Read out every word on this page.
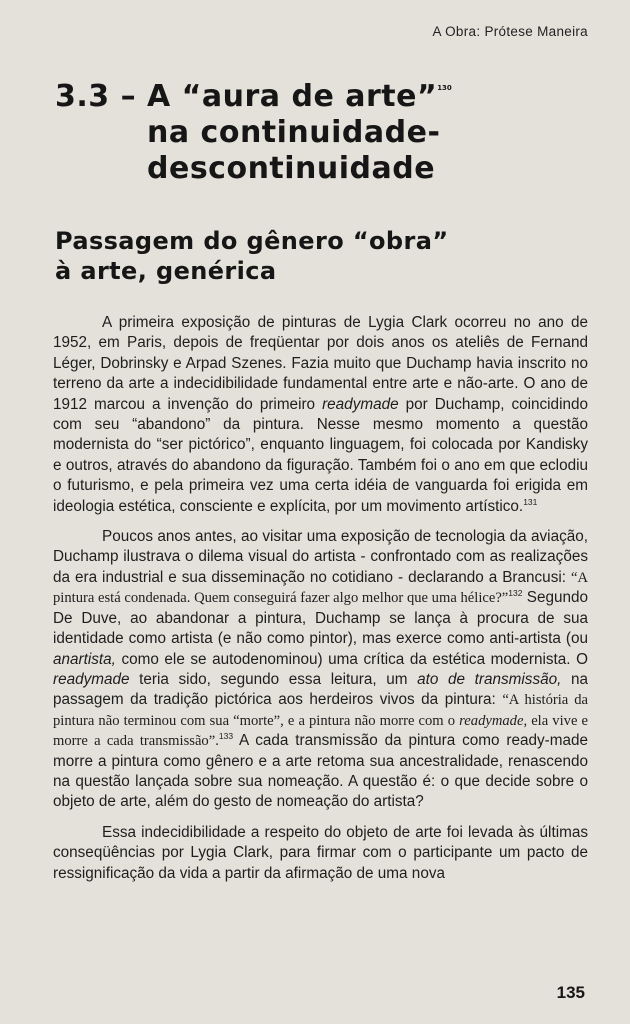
A Obra: Prótese Maneira
3.3 – A “aura de arte”$^{130}$
na continuidade-
descontinuidade
Passagem do gênero “obra”
à arte, genérica

A primeira exposição de pinturas de Lygia Clark ocorreu no ano de 1952, em Paris, depois de freqüentar por dois anos os ateliês de Fernand Léger, Dobrinsky e Arpad Szenes. Fazia muito que Duchamp havia inscrito no terreno da arte a indecidibilidade fundamental entre arte e não-arte. O ano de 1912 marcou a invenção do primeiro readymade por Duchamp, coincidindo com seu “abandono” da pintura. Nesse mesmo momento a questão modernista do “ser pictórico”, enquanto linguagem, foi colocada por Kandisky e outros, através do abandono da figuração. Também foi o ano em que eclodiu o futurismo, e pela primeira vez uma certa idéia de vanguarda foi erigida em ideologia estética, consciente e explícita, por um movimento artístico.$^{131}$

Poucos anos antes, ao visitar uma exposição de tecnologia da aviação, Duchamp ilustrava o dilema visual do artista - confrontado com as realizações da era industrial e sua disseminação no cotidiano - declarando a Brancusi: “A pintura está condenada. Quem conseguirá fazer algo melhor que uma hélice?”$^{132}$ Segundo De Duve, ao abandonar a pintura, Duchamp se lança à procura de sua identidade como artista (e não como pintor), mas exerce como anti-artista (ou anartista, como ele se autodenominou) uma crítica da estética modernista. O readymade teria sido, segundo essa leitura, um ato de transmissão, na passagem da tradição pictórica aos herdeiros vivos da pintura: “A história da pintura não terminou com sua “morte”, e a pintura não morre com o readymade, ela vive e morre a cada transmissão”.$^{133}$ A cada transmissão da pintura como ready-made morre a pintura como gênero e a arte retoma sua ancestralidade, renascendo na questão lançada sobre sua nomeação. A questão é: o que decide sobre o objeto de arte, além do gesto de nomeação do artista?

Essa indecidibilidade a respeito do objeto de arte foi levada às últimas conseqüências por Lygia Clark, para firmar com o participante um pacto de ressignificação da vida a partir da afirmação de uma nova

135
